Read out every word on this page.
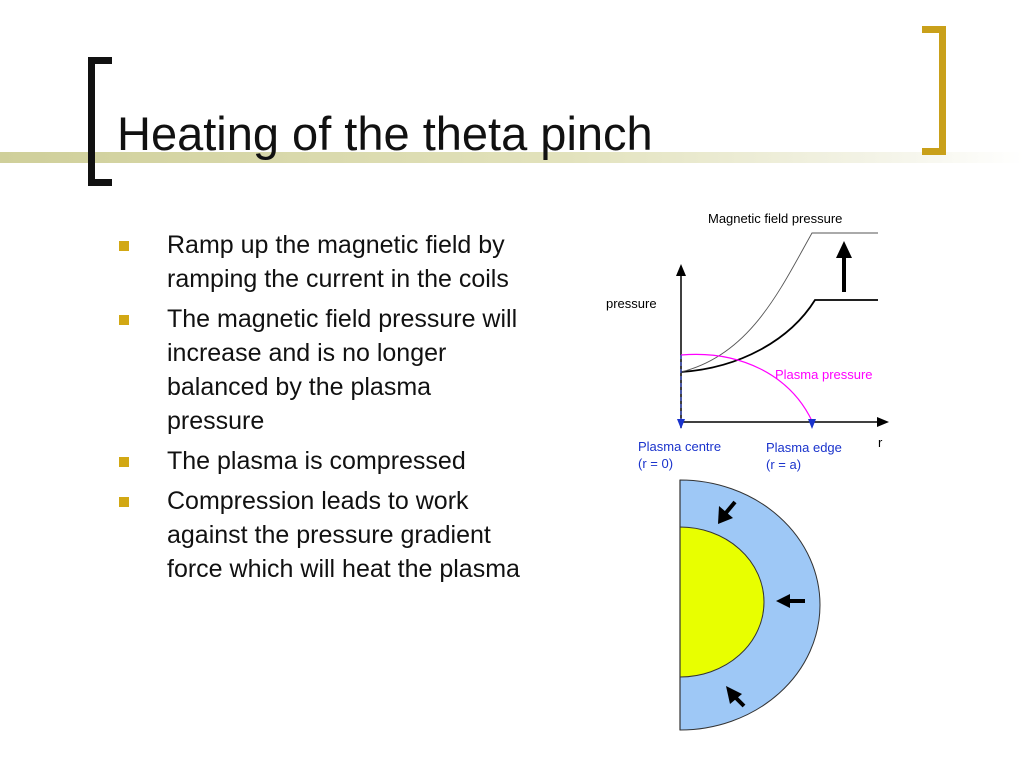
Heating of the theta pinch
Ramp up the magnetic field by ramping the current in the coils
The magnetic field pressure will increase and is no longer balanced by the plasma pressure
The plasma is compressed
Compression leads to work against the pressure gradient force which will heat the plasma
Magnetic field pressure
pressure
r
Plasma pressure
Plasma centre
(r = 0)
Plasma edge
(r = a)
